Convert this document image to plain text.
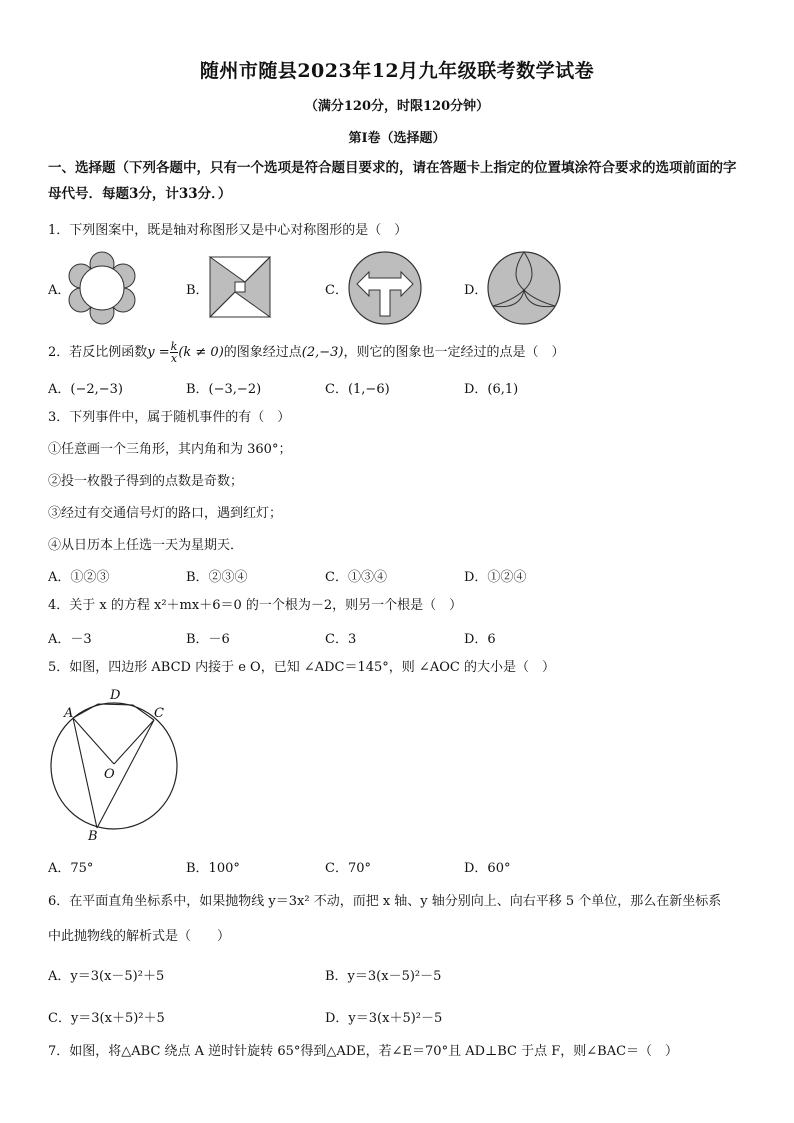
随州市随县2023年12月九年级联考数学试卷
（满分120分，时限120分钟）
第Ⅰ卷（选择题）
一、选择题（下列各题中，只有一个选项是符合题目要求的，请在答题卡上指定的位置填涂符合要求的选项前面的字母代号．每题3分，计33分．）
1．下列图案中，既是轴对称图形又是中心对称图形的是（　）
A．	B．	C．	D．
2．若反比例函数$y = \frac{k}{x} (k \ne 0)$的图象经过点(2,−3)，则它的图象也一定经过的点是（　）
A．(−2,−3)	B．(−3,−2)	C．(1,−6)	D．(6,1)
3．下列事件中，属于随机事件的有（　）
①任意画一个三角形，其内角和为 360°；
②投一枚骰子得到的点数是奇数；
③经过有交通信号灯的路口，遇到红灯；
④从日历本上任选一天为星期天．
A．①②③	B．②③④	C．①③④	D．①②④
4．关于 x 的方程 x²＋mx＋6＝0 的一个根为－2，则另一个根是（　）
A．－3	B．－6	C．3	D．6
5．如图，四边形 ABCD 内接于 e O，已知 ∠ADC＝145°，则 ∠AOC 的大小是（　）
D
A	C
O
B
A．75°	B．100°	C．70°	D．60°
6．在平面直角坐标系中，如果抛物线 y＝3x² 不动，而把 x 轴、y 轴分别向上、向右平移 5 个单位，那么在新坐标系
中此抛物线的解析式是（　　）
A．y＝3(x－5)²＋5	B．y＝3(x－5)²－5
C．y＝3(x＋5)²＋5	D．y＝3(x＋5)²－5
7．如图，将△ABC 绕点 A 逆时针旋转 65°得到△ADE，若∠E＝70°且 AD⊥BC 于点 F，则∠BAC＝（　）
